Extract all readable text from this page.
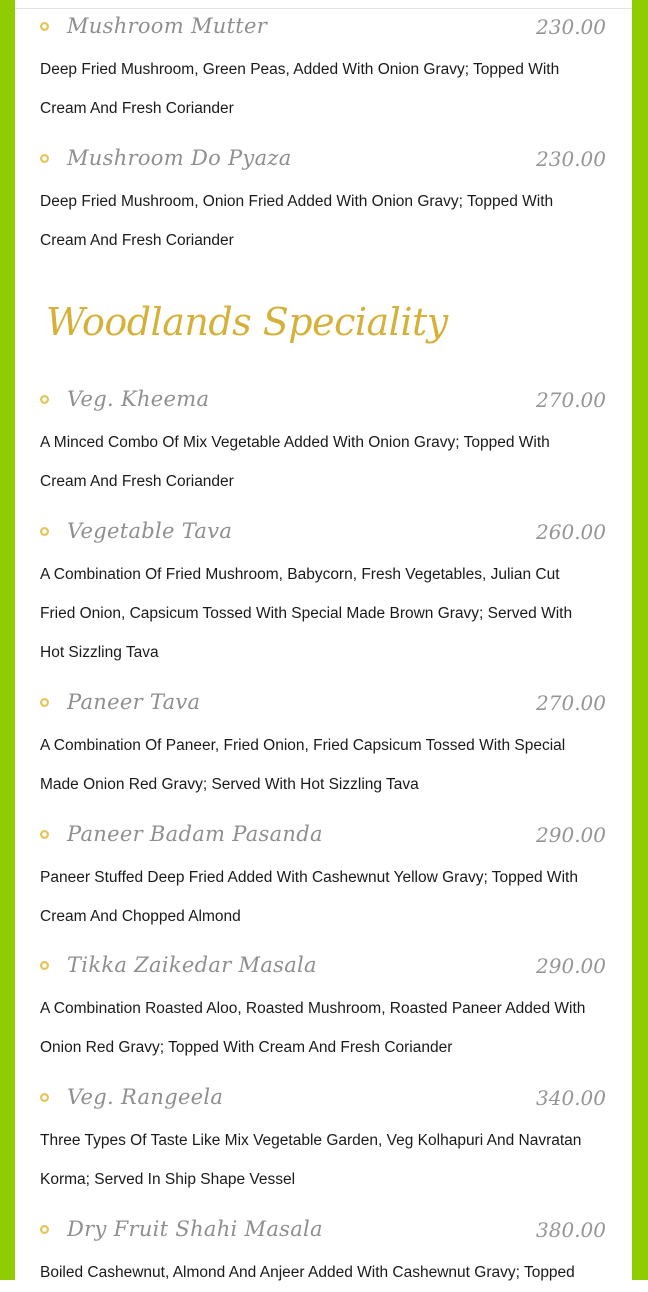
Mushroom Mutter	230.00

Deep Fried Mushroom, Green Peas, Added With Onion Gravy; Topped With

Cream And Fresh Coriander

Mushroom Do Pyaza	230.00

Deep Fried Mushroom, Onion Fried Added With Onion Gravy; Topped With

Cream And Fresh Coriander

Woodlands Speciality
Veg. Kheema	270.00

A Minced Combo Of Mix Vegetable Added With Onion Gravy; Topped With

Cream And Fresh Coriander

Vegetable Tava	260.00

A Combination Of Fried Mushroom, Babycorn, Fresh Vegetables, Julian Cut

Fried Onion, Capsicum Tossed With Special Made Brown Gravy; Served With

Hot Sizzling Tava

Paneer Tava	270.00

A Combination Of Paneer, Fried Onion, Fried Capsicum Tossed With Special

Made Onion Red Gravy; Served With Hot Sizzling Tava

Paneer Badam Pasanda	290.00

Paneer Stuffed Deep Fried Added With Cashewnut Yellow Gravy; Topped With

Cream And Chopped Almond

Tikka Zaikedar Masala	290.00

A Combination Roasted Aloo, Roasted Mushroom, Roasted Paneer Added With

Onion Red Gravy; Topped With Cream And Fresh Coriander

Veg. Rangeela	340.00

Three Types Of Taste Like Mix Vegetable Garden, Veg Kolhapuri And Navratan

Korma; Served In Ship Shape Vessel

Dry Fruit Shahi Masala	380.00

Boiled Cashewnut, Almond And Anjeer Added With Cashewnut Gravy; Topped
